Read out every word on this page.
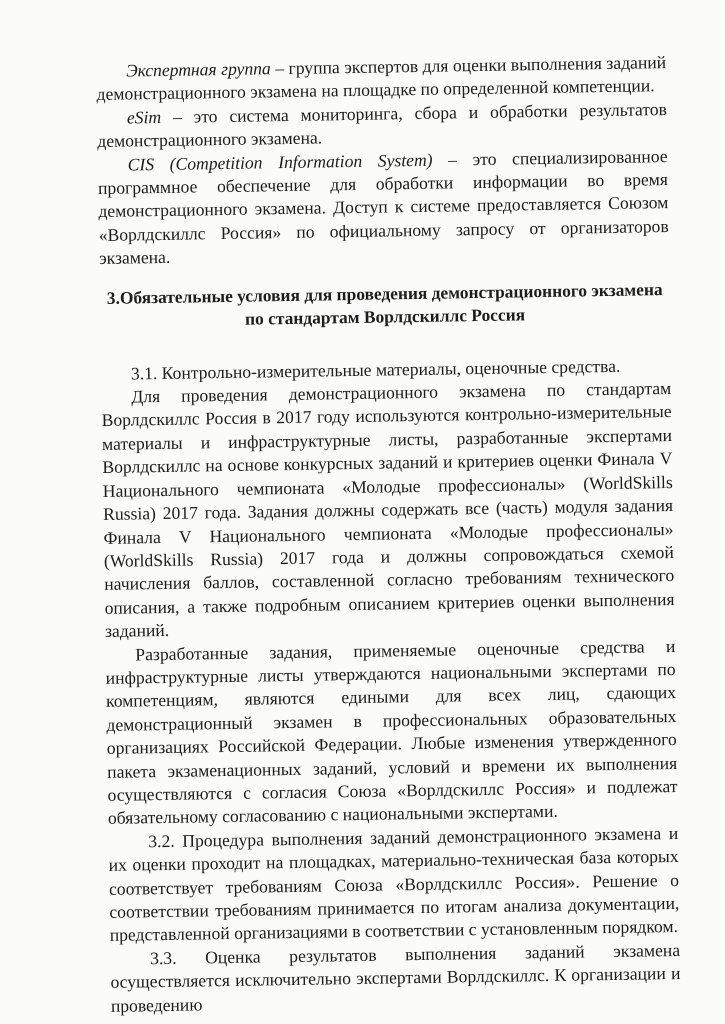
Экспертная группа – группа экспертов для оценки выполнения заданий демонстрационного экзамена на площадке по определенной компетенции.

eSim – это система мониторинга, сбора и обработки результатов демонстрационного экзамена.

CIS (Competition Information System) – это специализированное программное обеспечение для обработки информации во время демонстрационного экзамена. Доступ к системе предоставляется Союзом «Ворлдскиллс Россия» по официальному запросу от организаторов экзамена.

3.Обязательные условия для проведения демонстрационного экзамена по стандартам Ворлдскиллс Россия

3.1. Контрольно-измерительные материалы, оценочные средства.

Для проведения демонстрационного экзамена по стандартам Ворлдскиллс Россия в 2017 году используются контрольно-измерительные материалы и инфраструктурные листы, разработанные экспертами Ворлдскиллс на основе конкурсных заданий и критериев оценки Финала V Национального чемпионата «Молодые профессионалы» (WorldSkills Russia) 2017 года. Задания должны содержать все (часть) модуля задания Финала V Национального чемпионата «Молодые профессионалы» (WorldSkills Russia) 2017 года и должны сопровождаться схемой начисления баллов, составленной согласно требованиям технического описания, а также подробным описанием критериев оценки выполнения заданий.

Разработанные задания, применяемые оценочные средства и инфраструктурные листы утверждаются национальными экспертами по компетенциям, являются едиными для всех лиц, сдающих демонстрационный экзамен в профессиональных образовательных организациях Российской Федерации. Любые изменения утвержденного пакета экзаменационных заданий, условий и времени их выполнения осуществляются с согласия Союза «Ворлдскиллс Россия» и подлежат обязательному согласованию с национальными экспертами.

3.2. Процедура выполнения заданий демонстрационного экзамена и их оценки проходит на площадках, материально-техническая база которых соответствует требованиям Союза «Ворлдскиллс Россия». Решение о соответствии требованиям принимается по итогам анализа документации, представленной организациями в соответствии с установленным порядком.

3.3. Оценка результатов выполнения заданий экзамена осуществляется исключительно экспертами Ворлдскиллс. К организации и проведению
